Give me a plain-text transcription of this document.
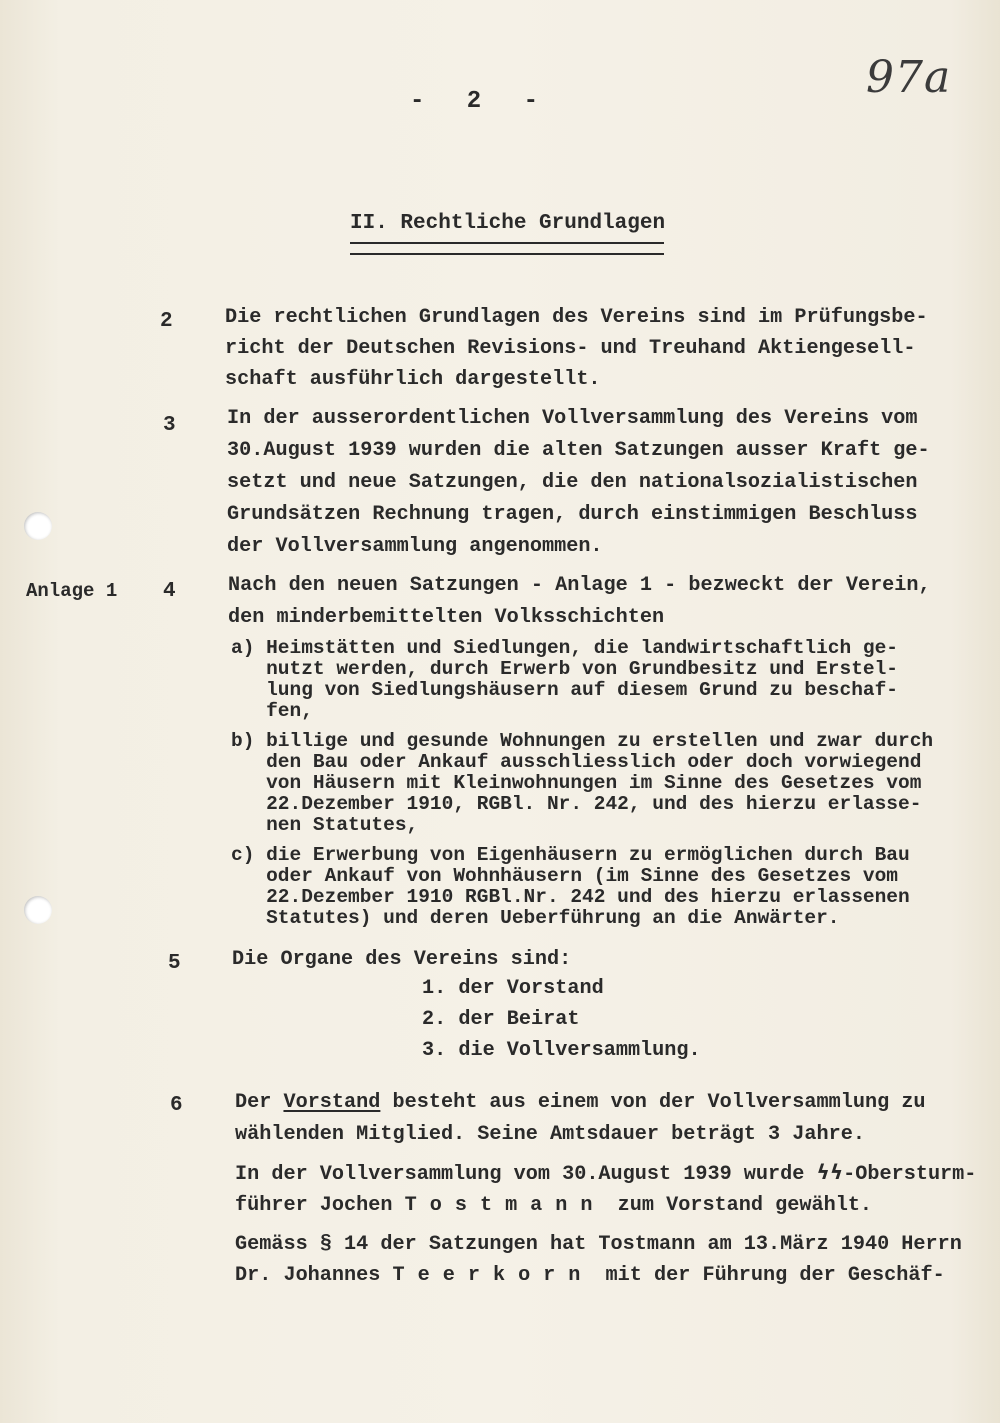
97a
- 2 -
II. Rechtliche Grundlagen
Anlage 1
2
3
4
5
6
Die rechtlichen Grundlagen des Vereins sind im Prüfungsbe-
richt der Deutschen Revisions- und Treuhand Aktiengesell-
schaft ausführlich dargestellt.
In der ausserordentlichen Vollversammlung des Vereins vom
30.August 1939 wurden die alten Satzungen ausser Kraft ge-
setzt und neue Satzungen, die den nationalsozialistischen
Grundsätzen Rechnung tragen, durch einstimmigen Beschluss
der Vollversammlung angenommen.
Nach den neuen Satzungen - Anlage 1 - bezweckt der Verein,
den minderbemittelten Volksschichten
a) Heimstätten und Siedlungen, die landwirtschaftlich ge-
nutzt werden, durch Erwerb von Grundbesitz und Erstel-
lung von Siedlungshäusern auf diesem Grund zu beschaf-
fen,
b) billige und gesunde Wohnungen zu erstellen und zwar durch
den Bau oder Ankauf ausschliesslich oder doch vorwiegend
von Häusern mit Kleinwohnungen im Sinne des Gesetzes vom
22.Dezember 1910, RGBl. Nr. 242, und des hierzu erlasse-
nen Statutes,
c) die Erwerbung von Eigenhäusern zu ermöglichen durch Bau
oder Ankauf von Wohnhäusern (im Sinne des Gesetzes vom
22.Dezember 1910 RGBl.Nr. 242 und des hierzu erlassenen
Statutes) und deren Ueberführung an die Anwärter.
Die Organe des Vereins sind:
1. der Vorstand
2. der Beirat
3. die Vollversammlung.
Der Vorstand besteht aus einem von der Vollversammlung zu
wählenden Mitglied. Seine Amtsdauer beträgt 3 Jahre.
In der Vollversammlung vom 30.August 1939 wurde ϟϟ-Obersturm-
führer Jochen Tostmann zum Vorstand gewählt.
Gemäss § 14 der Satzungen hat Tostmann am 13.März 1940 Herrn
Dr. Johannes Teerkorn mit der Führung der Geschäf-
